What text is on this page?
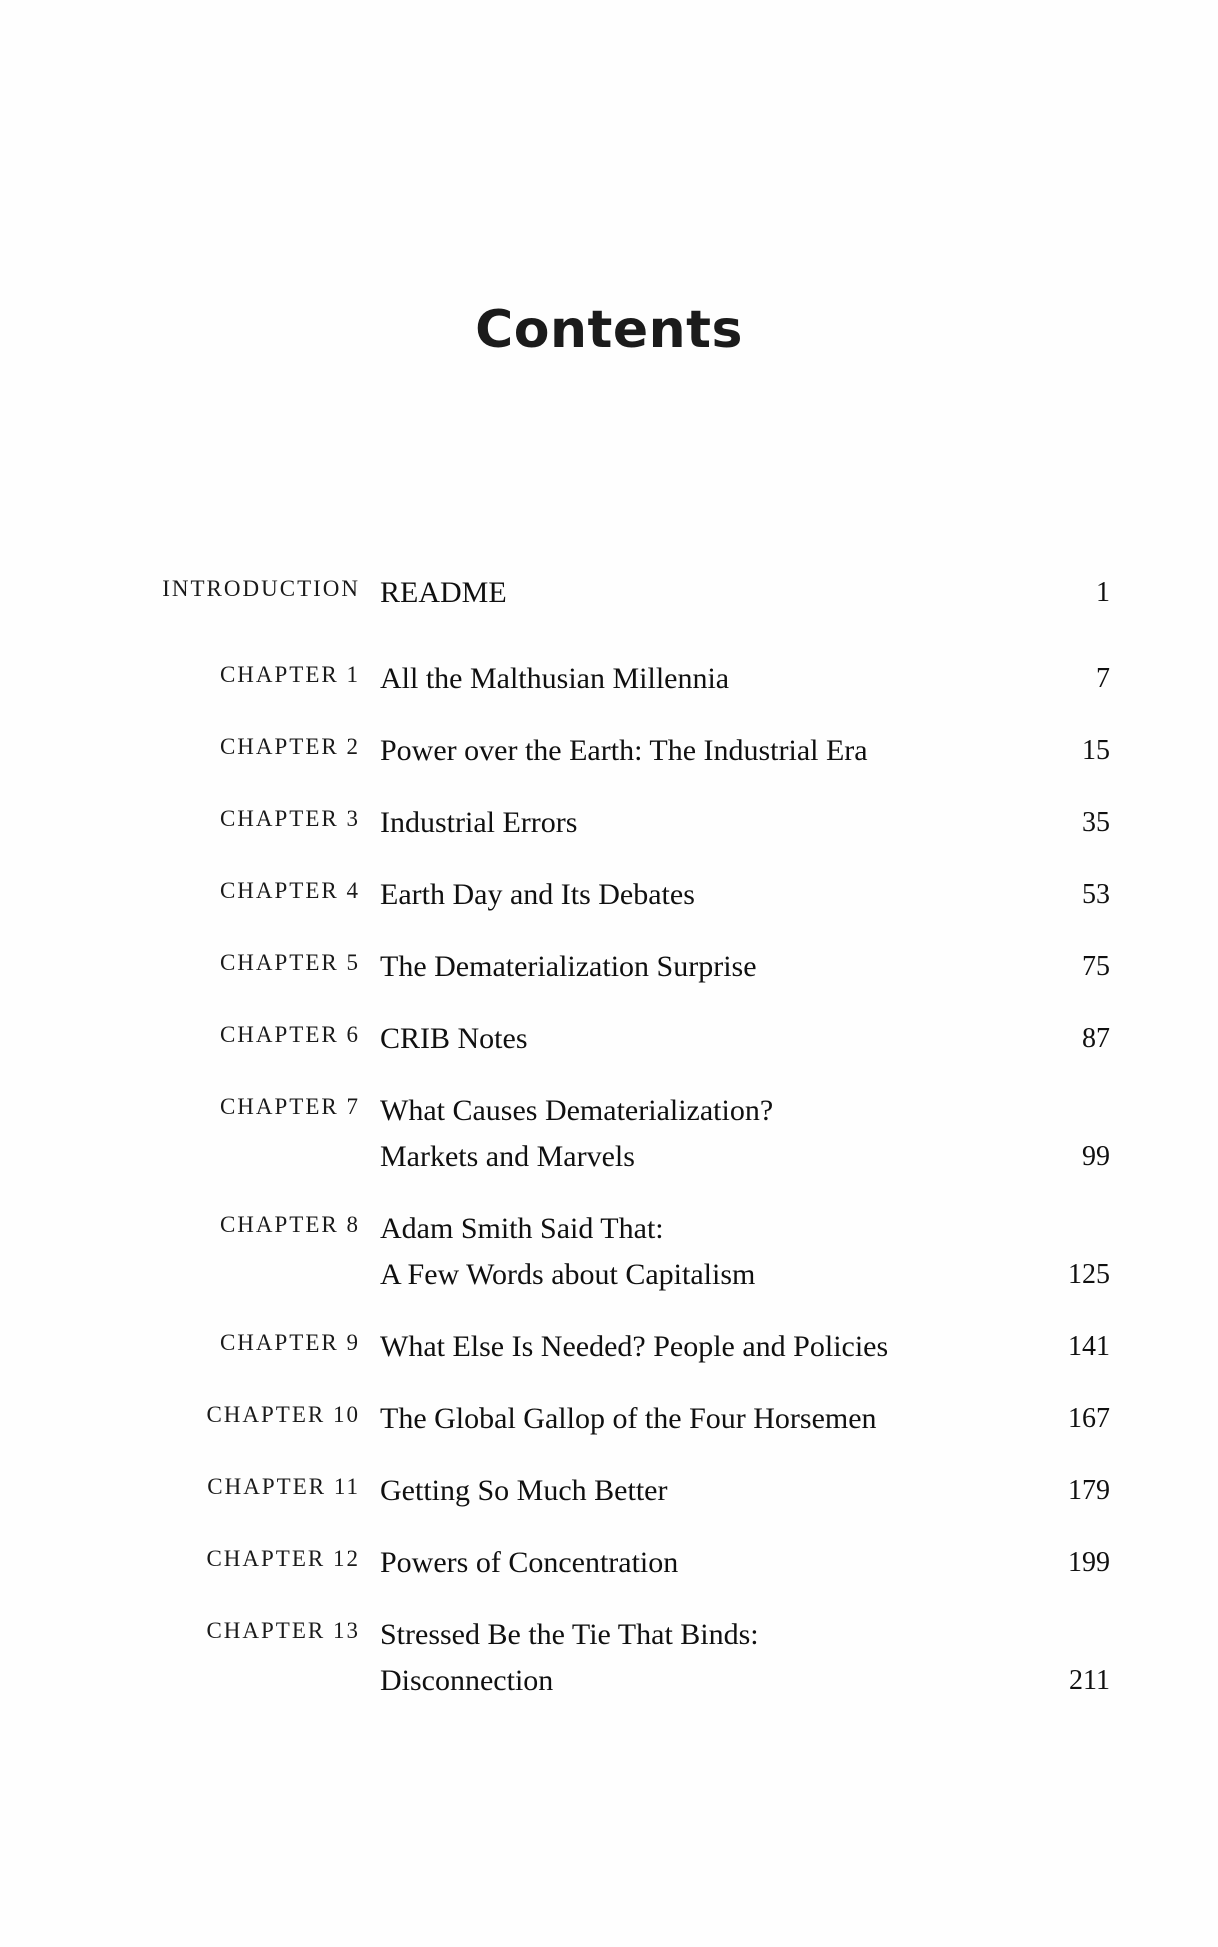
Contents
INTRODUCTION README	1
CHAPTER 1 All the Malthusian Millennia	7
CHAPTER 2 Power over the Earth: The Industrial Era	15
CHAPTER 3 Industrial Errors	35
CHAPTER 4 Earth Day and Its Debates	53
CHAPTER 5 The Dematerialization Surprise	75
CHAPTER 6 CRIB Notes	87
CHAPTER 7 What Causes Dematerialization?
Markets and Marvels	99
CHAPTER 8 Adam Smith Said That:
A Few Words about Capitalism	125
CHAPTER 9 What Else Is Needed? People and Policies	141
CHAPTER 10 The Global Gallop of the Four Horsemen	167
CHAPTER 11 Getting So Much Better	179
CHAPTER 12 Powers of Concentration	199
CHAPTER 13 Stressed Be the Tie That Binds:
Disconnection	211
